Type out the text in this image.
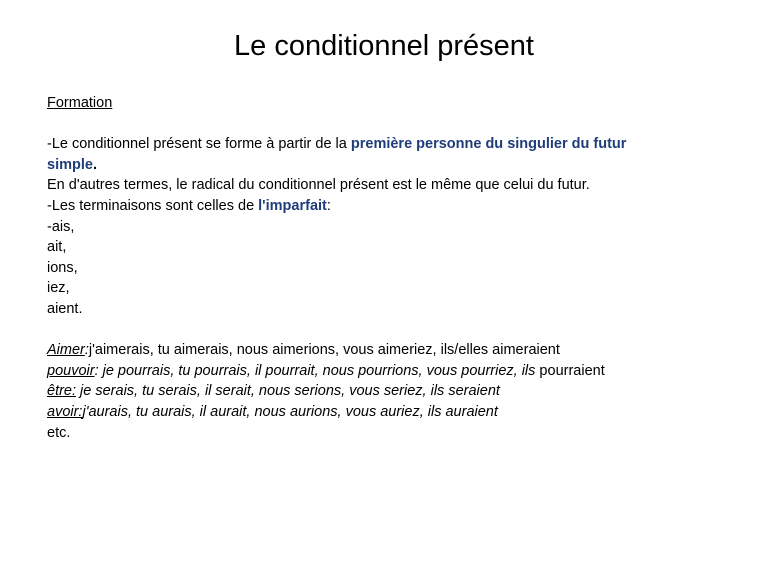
Le conditionnel présent
Formation
-Le conditionnel présent se forme à partir de la première personne du singulier du futur
simple.
En d'autres termes, le radical du conditionnel présent est le même que celui du futur.
-Les terminaisons sont celles de l'imparfait:
-ais,
ait,
ions,
iez,
aient.
Aimer:j'aimerais, tu aimerais, nous aimerions, vous aimeriez, ils/elles aimeraient
pouvoir: je pourrais, tu pourrais, il pourrait, nous pourrions, vous pourriez, ils pourraient
être: je serais, tu serais, il serait, nous serions, vous seriez, ils seraient
avoir:j'aurais, tu aurais, il aurait, nous aurions, vous auriez, ils auraient
etc.
